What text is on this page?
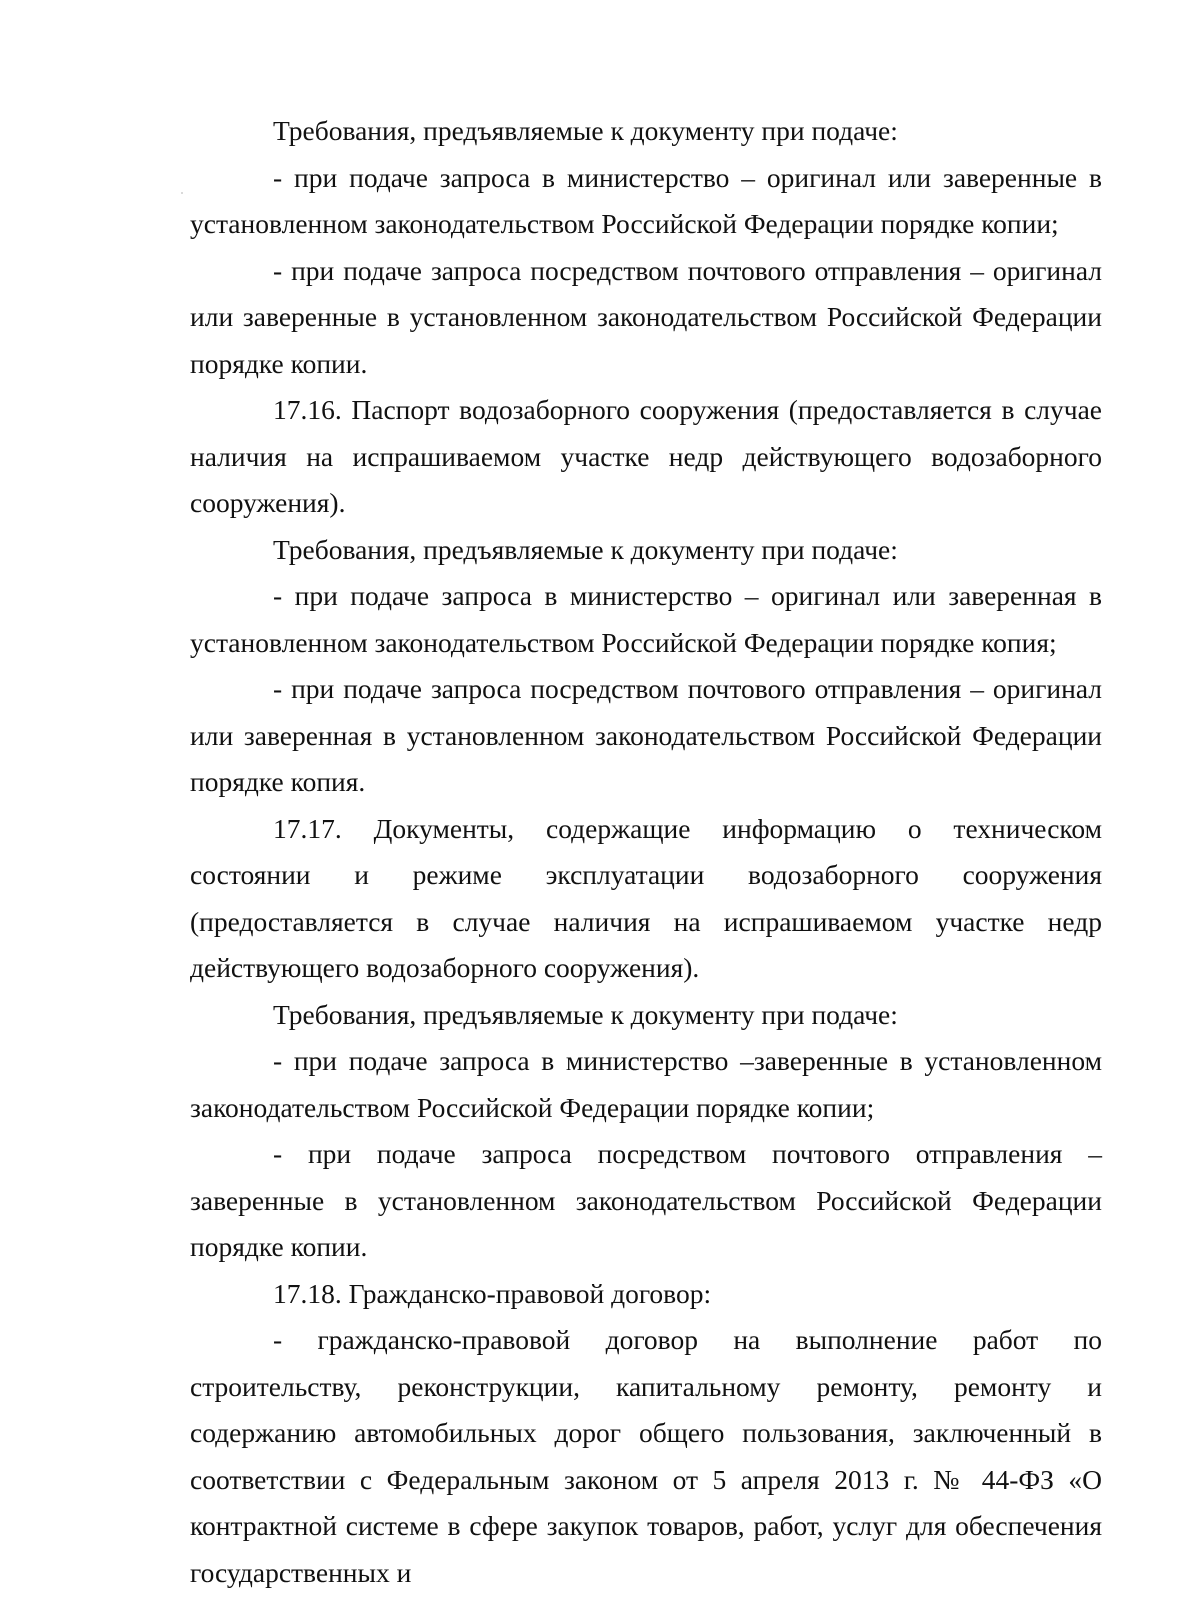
Требования, предъявляемые к документу при подаче:

- при подаче запроса в министерство – оригинал или заверенные в установленном законодательством Российской Федерации порядке копии;

- при подаче запроса посредством почтового отправления – оригинал или заверенные в установленном законодательством Российской Федерации порядке копии.

17.16. Паспорт водозаборного сооружения (предоставляется в случае наличия на испрашиваемом участке недр действующего водозаборного сооружения).

Требования, предъявляемые к документу при подаче:

- при подаче запроса в министерство – оригинал или заверенная в установленном законодательством Российской Федерации порядке копия;

- при подаче запроса посредством почтового отправления – оригинал или заверенная в установленном законодательством Российской Федерации порядке копия.

17.17. Документы, содержащие информацию о техническом состоянии и режиме эксплуатации водозаборного сооружения (предоставляется в случае наличия на испрашиваемом участке недр действующего водозаборного сооружения).

Требования, предъявляемые к документу при подаче:

- при подаче запроса в министерство –заверенные в установленном законодательством Российской Федерации порядке копии;

- при подаче запроса посредством почтового отправления –заверенные в установленном законодательством Российской Федерации порядке копии.

17.18. Гражданско-правовой договор:

- гражданско-правовой договор на выполнение работ по строительству, реконструкции, капитальному ремонту, ремонту и содержанию автомобильных дорог общего пользования, заключенный в соответствии с Федеральным законом от 5 апреля 2013 г. № 44-ФЗ «О контрактной системе в сфере закупок товаров, работ, услуг для обеспечения государственных и
